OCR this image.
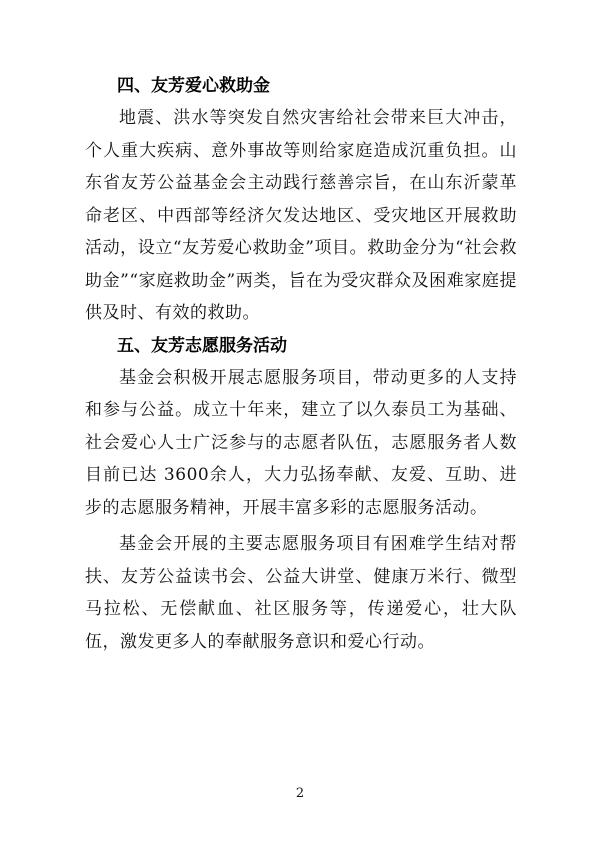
四、友芳爱心救助金

地震、洪水等突发自然灾害给社会带来巨大冲击，个人重大疾病、意外事故等则给家庭造成沉重负担。山东省友芳公益基金会主动践行慈善宗旨，在山东沂蒙革命老区、中西部等经济欠发达地区、受灾地区开展救助活动，设立“友芳爱心救助金”项目。救助金分为“社会救助金”“家庭救助金”两类，旨在为受灾群众及困难家庭提供及时、有效的救助。

五、友芳志愿服务活动

基金会积极开展志愿服务项目，带动更多的人支持和参与公益。成立十年来，建立了以久泰员工为基础、社会爱心人士广泛参与的志愿者队伍，志愿服务者人数目前已达 3600余人，大力弘扬奉献、友爱、互助、进步的志愿服务精神，开展丰富多彩的志愿服务活动。

基金会开展的主要志愿服务项目有困难学生结对帮扶、友芳公益读书会、公益大讲堂、健康万米行、微型马拉松、无偿献血、社区服务等，传递爱心，壮大队伍，激发更多人的奉献服务意识和爱心行动。

2
